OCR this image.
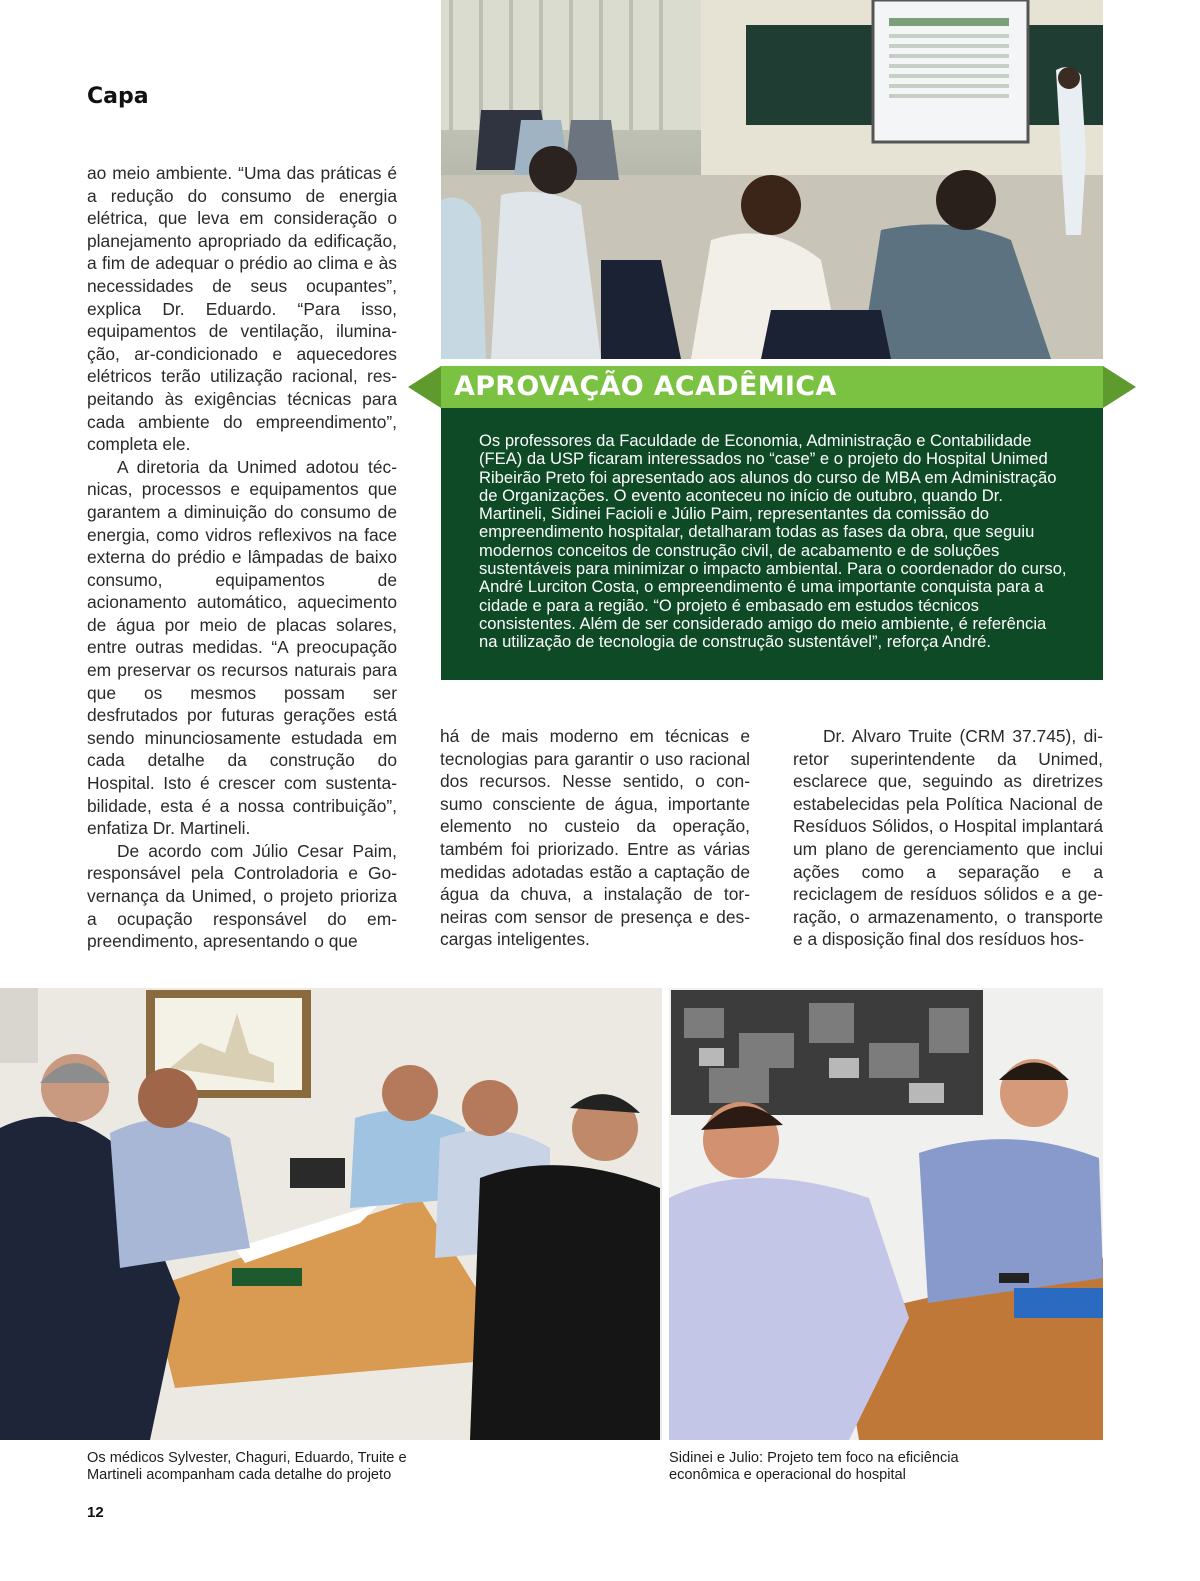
Capa
APROVAÇÃO ACADÊMICA
Os professores da Faculdade de Economia, Administração e Contabilidade (FEA) da USP ficaram interessados no “case” e o projeto do Hospital Unimed Ribeirão Preto foi apresentado aos alunos do curso de MBA em Administração de Organizações. O evento aconteceu no início de outubro, quando Dr. Martineli, Sidinei Facioli e Júlio Paim, representantes da comissão do empreendimento hospitalar, detalharam todas as fases da obra, que seguiu modernos conceitos de construção civil, de acabamento e de soluções sustentáveis para minimizar o impacto ambiental. Para o coordenador do curso, André Lurciton Costa, o empreendimento é uma importante conquista para a cidade e para a região. “O projeto é embasado em estudos técnicos consistentes. Além de ser considerado amigo do meio ambiente, é referência na utilização de tecnologia de construção sustentável”, reforça André.

ao meio ambiente. “Uma das práticas é a redução do consumo de energia elétrica, que leva em consideração o planejamento apropriado da edificação, a fim de adequar o prédio ao clima e às necessidades de seus ocupantes”, explica Dr. Eduardo. “Para isso, equipamentos de ventilação, iluminação, ar-condicionado e aquecedores elétricos terão utilização racional, respeitando às exigências técnicas para cada ambiente do empreendimento”, completa ele.

A diretoria da Unimed adotou técnicas, processos e equipamentos que garantem a diminuição do consumo de energia, como vidros reflexivos na face externa do prédio e lâmpadas de baixo consumo, equipamentos de acionamento automático, aquecimento de água por meio de placas solares, entre outras medidas. “A preocupação em preservar os recursos naturais para que os mesmos possam ser desfrutados por futuras gerações está sendo minunciosamente estudada em cada detalhe da construção do Hospital. Isto é crescer com sustentabilidade, esta é a nossa contribuição”, enfatiza Dr. Martineli.

De acordo com Júlio Cesar Paim, responsável pela Controladoria e Governança da Unimed, o projeto prioriza a ocupação responsável do empreendimento, apresentando o que

há de mais moderno em técnicas e tecnologias para garantir o uso racional dos recursos. Nesse sentido, o consumo consciente de água, importante elemento no custeio da operação, também foi priorizado. Entre as várias medidas adotadas estão a captação de água da chuva, a instalação de torneiras com sensor de presença e descargas inteligentes.

Dr. Alvaro Truite (CRM 37.745), diretor superintendente da Unimed, esclarece que, seguindo as diretrizes estabelecidas pela Política Nacional de Resíduos Sólidos, o Hospital implantará um plano de gerenciamento que inclui ações como a separação e a reciclagem de resíduos sólidos e a geração, o armazenamento, o transporte e a disposição final dos resíduos hos-

Os médicos Sylvester, Chaguri, Eduardo, Truite e Martineli acompanham cada detalhe do projeto
Sidinei e Julio: Projeto tem foco na eficiência econômica e operacional do hospital
12
